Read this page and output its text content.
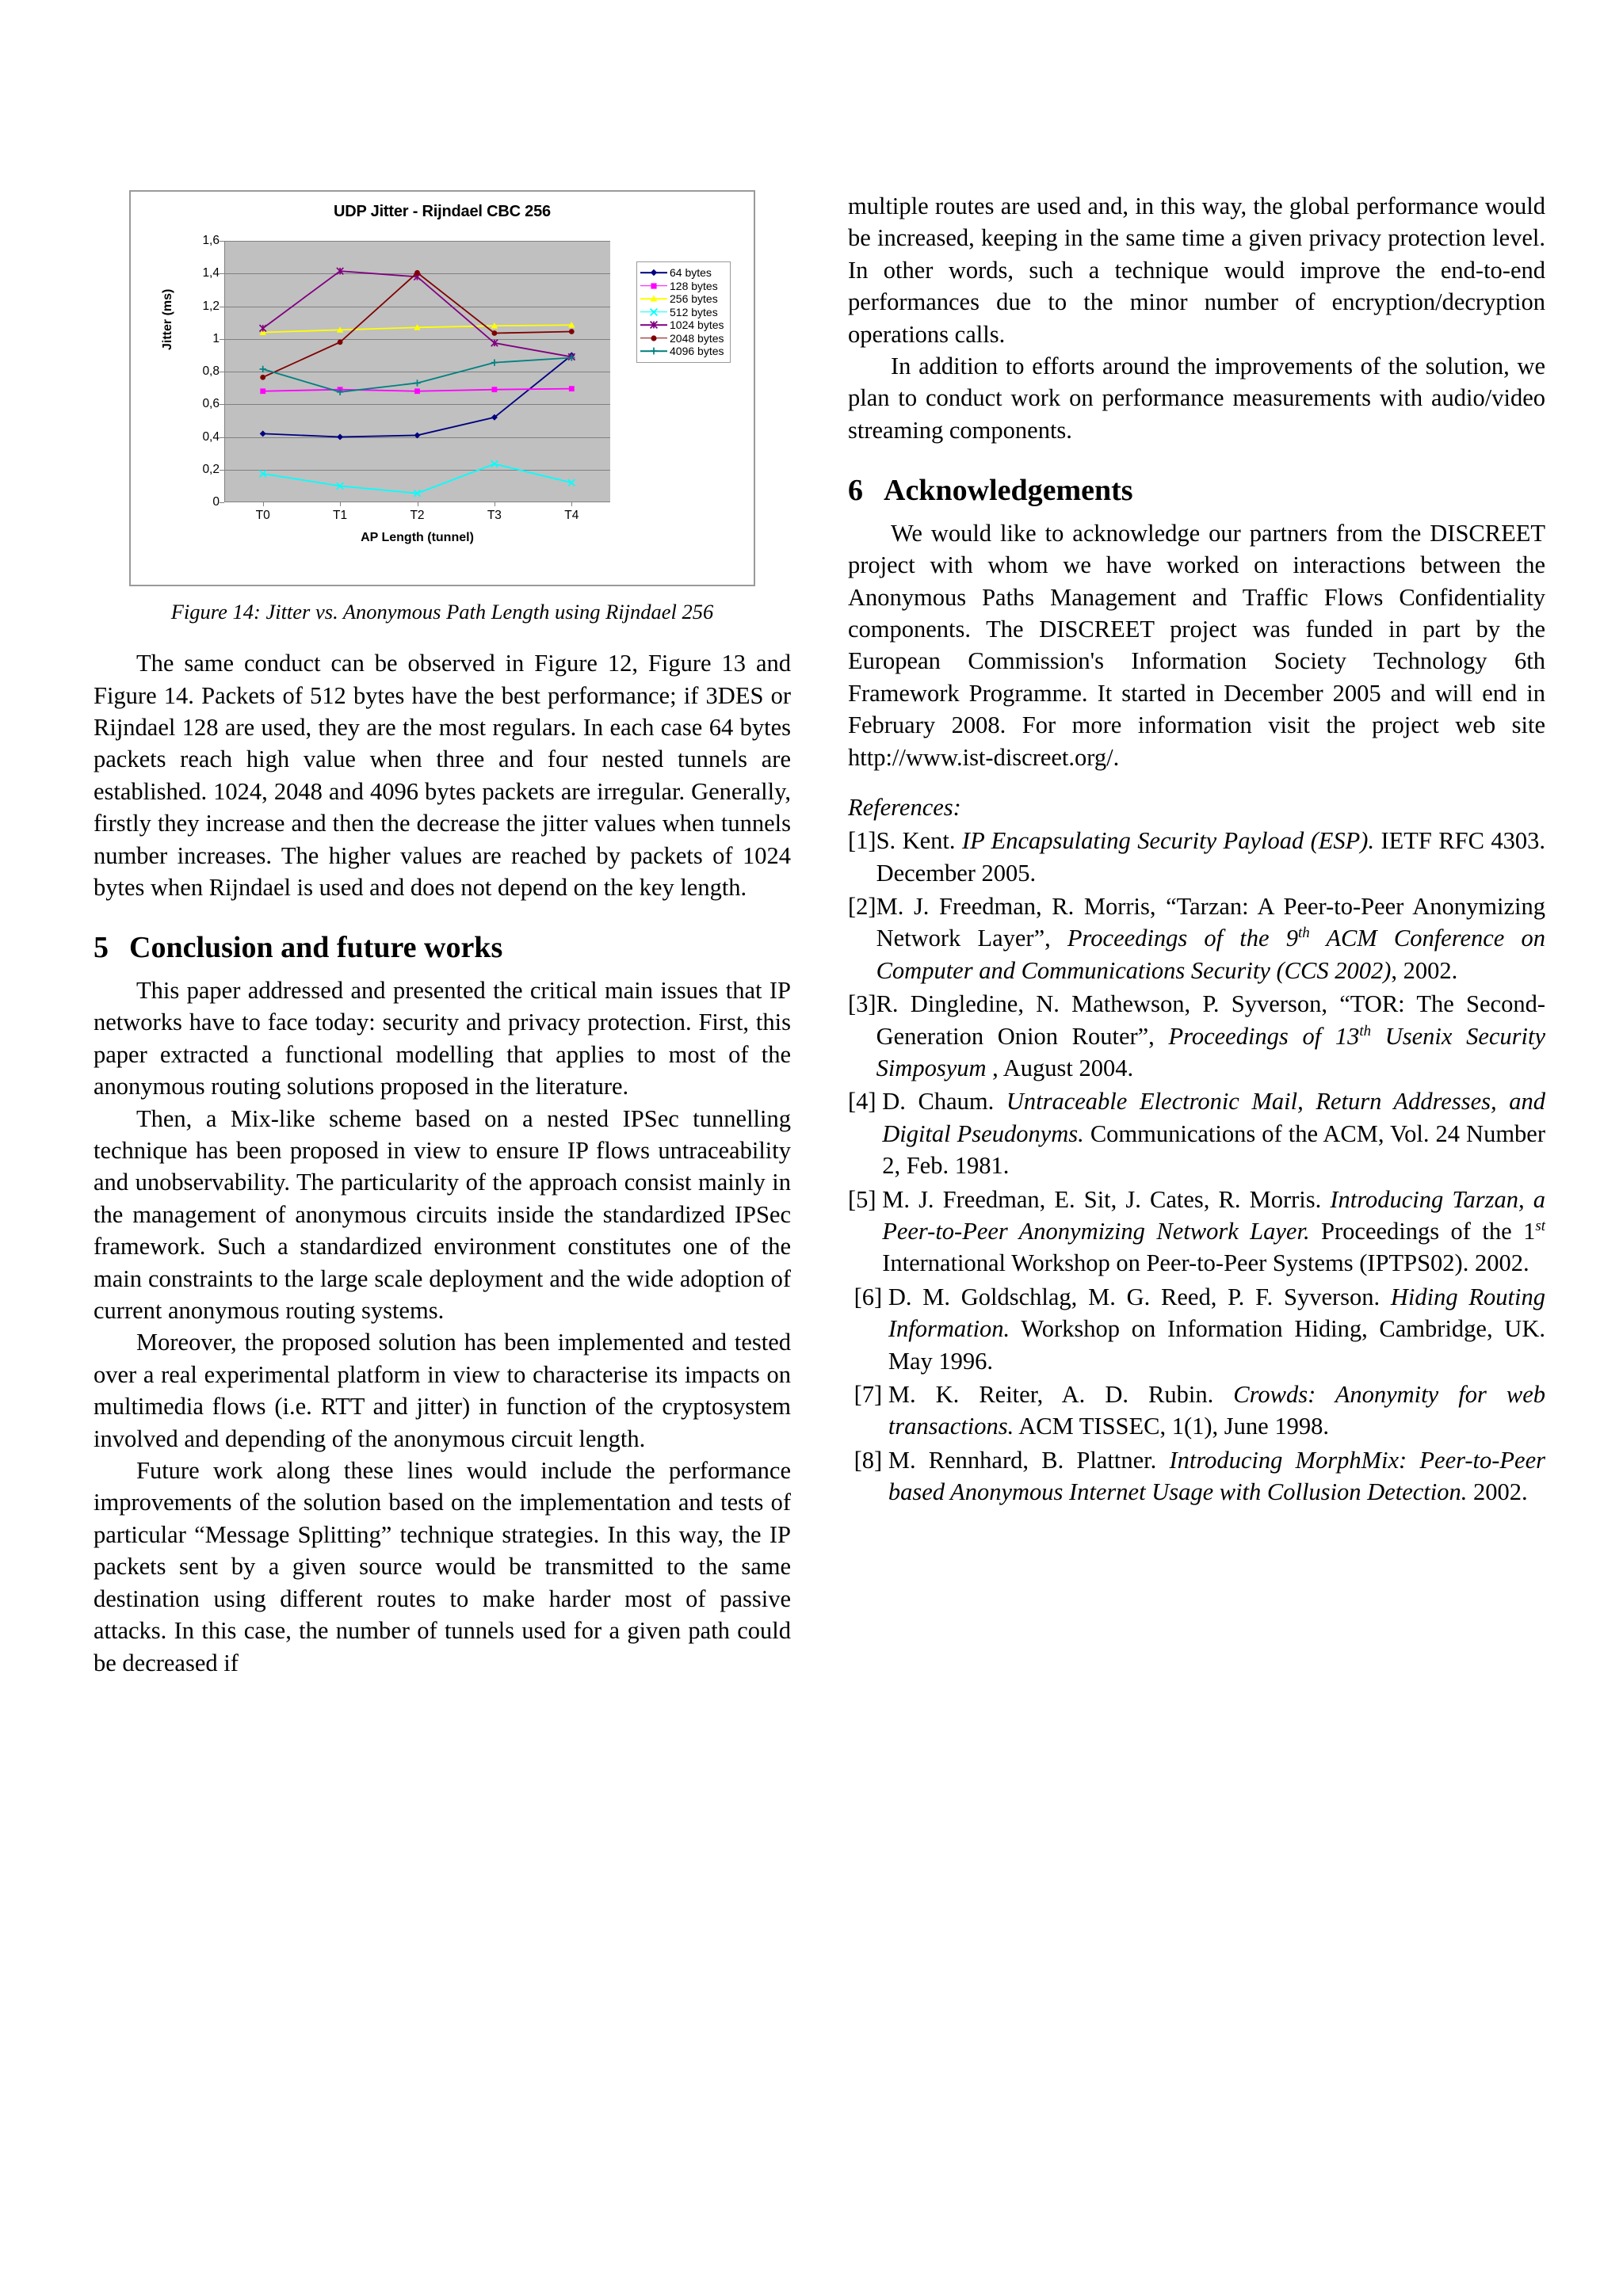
UDP Jitter - Rijndael CBC 256
Jitter (ms)
0
0,2
0,4
0,6
0,8
1
1,2
1,4
1,6
T0	T1	T2	T3	T4
AP Length (tunnel)
64 bytes
128 bytes
256 bytes
512 bytes
1024 bytes
2048 bytes
4096 bytes
Figure 14: Jitter vs. Anonymous Path Length using Rijndael 256

The same conduct can be observed in Figure 12, Figure 13 and Figure 14. Packets of 512 bytes have the best performance; if 3DES or Rijndael 128 are used, they are the most regulars. In each case 64 bytes packets reach high value when three and four nested tunnels are established. 1024, 2048 and 4096 bytes packets are irregular. Generally, firstly they increase and then the decrease the jitter values when tunnels number increases. The higher values are reached by packets of 1024 bytes when Rijndael is used and does not depend on the key length.

5 Conclusion and future works

This paper addressed and presented the critical main issues that IP networks have to face today: security and privacy protection. First, this paper extracted a functional modelling that applies to most of the anonymous routing solutions proposed in the literature.

Then, a Mix-like scheme based on a nested IPSec tunnelling technique has been proposed in view to ensure IP flows untraceability and unobservability. The particularity of the approach consist mainly in the management of anonymous circuits inside the standardized IPSec framework. Such a standardized environment constitutes one of the main constraints to the large scale deployment and the wide adoption of current anonymous routing systems.

Moreover, the proposed solution has been implemented and tested over a real experimental platform in view to characterise its impacts on multimedia flows (i.e. RTT and jitter) in function of the cryptosystem involved and depending of the anonymous circuit length.

Future work along these lines would include the performance improvements of the solution based on the implementation and tests of particular “Message Splitting” technique strategies. In this way, the IP packets sent by a given source would be transmitted to the same destination using different routes to make harder most of passive attacks. In this case, the number of tunnels used for a given path could be decreased if

multiple routes are used and, in this way, the global performance would be increased, keeping in the same time a given privacy protection level. In other words, such a technique would improve the end-to-end performances due to the minor number of encryption/decryption operations calls.

In addition to efforts around the improvements of the solution, we plan to conduct work on performance measurements with audio/video streaming components.

6 Acknowledgements

We would like to acknowledge our partners from the DISCREET project with whom we have worked on interactions between the Anonymous Paths Management and Traffic Flows Confidentiality components. The DISCREET project was funded in part by the European Commission's Information Society Technology 6th Framework Programme. It started in December 2005 and will end in February 2008. For more information visit the project web site http://www.ist-discreet.org/.

References:
[1] S. Kent. IP Encapsulating Security Payload (ESP). IETF RFC 4303. December 2005.
[2] M. J. Freedman, R. Morris, “Tarzan: A Peer-to-Peer Anonymizing Network Layer”, Proceedings of the 9th ACM Conference on Computer and Communications Security (CCS 2002), 2002.
[3] R. Dingledine, N. Mathewson, P. Syverson, “TOR: The Second-Generation Onion Router”, Proceedings of 13th Usenix Security Simposyum , August 2004.
[4] D. Chaum. Untraceable Electronic Mail, Return Addresses, and Digital Pseudonyms. Communications of the ACM, Vol. 24 Number 2, Feb. 1981.
[5] M. J. Freedman, E. Sit, J. Cates, R. Morris. Introducing Tarzan, a Peer-to-Peer Anonymizing Network Layer. Proceedings of the 1st International Workshop on Peer-to-Peer Systems (IPTPS02). 2002.
[6] D. M. Goldschlag, M. G. Reed, P. F. Syverson. Hiding Routing Information. Workshop on Information Hiding, Cambridge, UK. May 1996.
[7] M. K. Reiter, A. D. Rubin. Crowds: Anonymity for web transactions. ACM TISSEC, 1(1), June 1998.
[8] M. Rennhard, B. Plattner. Introducing MorphMix: Peer-to-Peer based Anonymous Internet Usage with Collusion Detection. 2002.
